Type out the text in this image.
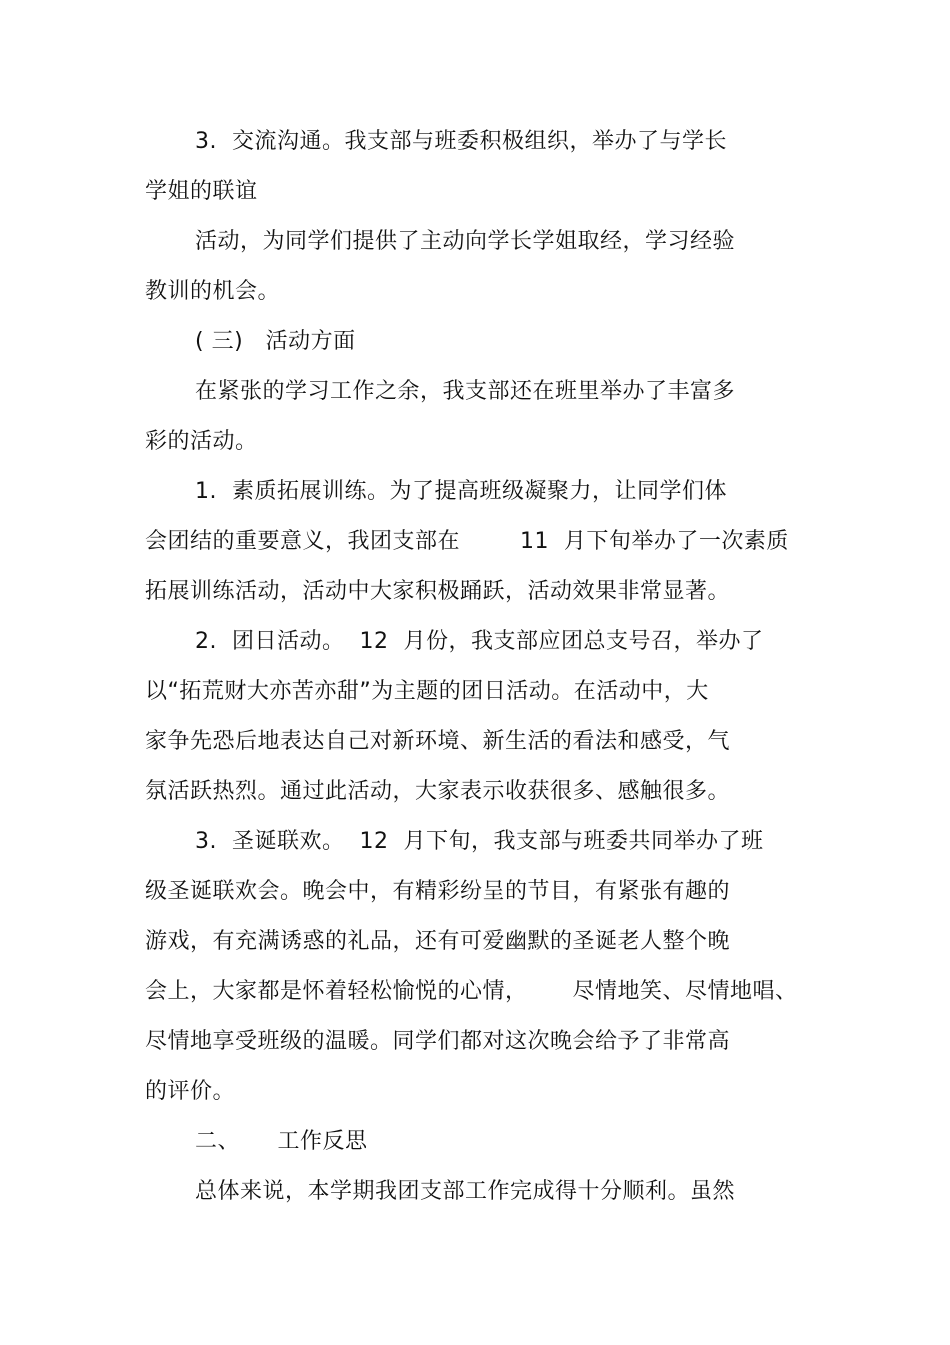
3.  交流沟通。我支部与班委积极组织，举办了与学长
学姐的联谊
活动，为同学们提供了主动向学长学姐取经，学习经验
教训的机会。
( 三)   活动方面
在紧张的学习工作之余，我支部还在班里举办了丰富多
彩的活动。
1.  素质拓展训练。为了提高班级凝聚力，让同学们体
会团结的重要意义，我团支部在        11  月下旬举办了一次素质
拓展训练活动，活动中大家积极踊跃，活动效果非常显著。
2.  团日活动。  12  月份，我支部应团总支号召，举办了
以“拓荒财大亦苦亦甜”为主题的团日活动。在活动中，大
家争先恐后地表达自己对新环境、新生活的看法和感受，气
氛活跃热烈。通过此活动，大家表示收获很多、感触很多。
3.  圣诞联欢。  12  月下旬，我支部与班委共同举办了班
级圣诞联欢会。晚会中，有精彩纷呈的节目，有紧张有趣的
游戏，有充满诱惑的礼品，还有可爱幽默的圣诞老人整个晚
会上，大家都是怀着轻松愉悦的心情，      尽情地笑、尽情地唱、
尽情地享受班级的温暖。同学们都对这次晚会给予了非常高
的评价。
二、     工作反思
总体来说，本学期我团支部工作完成得十分顺利。虽然
